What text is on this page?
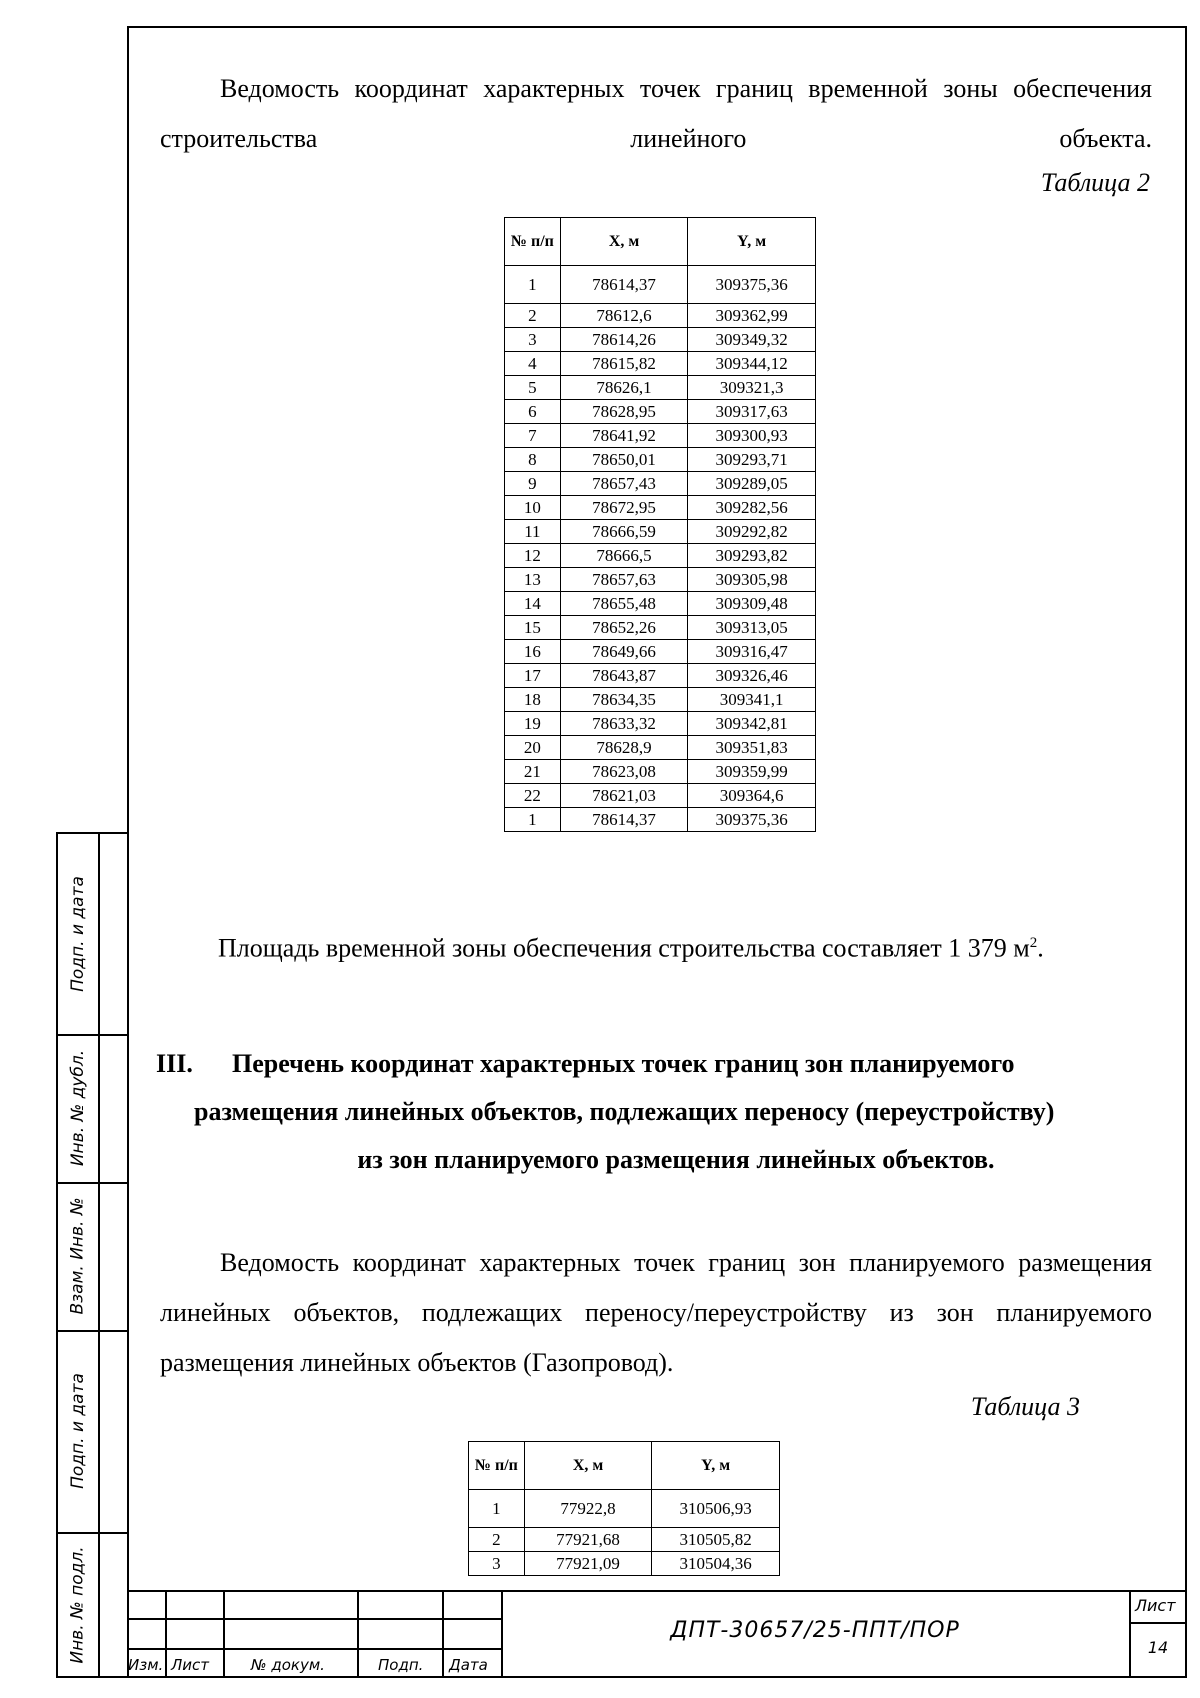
Ведомость координат характерных точек границ временной зоны обеспечения строительства линейного объекта.

Таблица 2
№ п/п	X, м	Y, м
1	78614,37	309375,36
2	78612,6	309362,99
3	78614,26	309349,32
4	78615,82	309344,12
5	78626,1	309321,3
6	78628,95	309317,63
7	78641,92	309300,93
8	78650,01	309293,71
9	78657,43	309289,05
10	78672,95	309282,56
11	78666,59	309292,82
12	78666,5	309293,82
13	78657,63	309305,98
14	78655,48	309309,48
15	78652,26	309313,05
16	78649,66	309316,47
17	78643,87	309326,46
18	78634,35	309341,1
19	78633,32	309342,81
20	78628,9	309351,83
21	78623,08	309359,99
22	78621,03	309364,6
1	78614,37	309375,36
Площадь временной зоны обеспечения строительства составляет 1 379 $м^2$.
III. Перечень координат характерных точек границ зон планируемого
размещения линейных объектов, подлежащих переносу (переустройству)
из зон планируемого размещения линейных объектов.

Ведомость координат характерных точек границ зон планируемого размещения линейных объектов, подлежащих переносу/переустройству из зон планируемого размещения линейных объектов (Газопровод).

Таблица 3
№ п/п	X, м	Y, м
1	77922,8	310506,93
2	77921,68	310505,82
3	77921,09	310504,36
Подп. и дата
Инв. № дубл.
Взам. Инв. №
Подп. и дата
Инв. № подл.
Изм. Лист	№ докум.	Подп. Дата
ДПТ-30657/25-ППТ/ПОР
Лист
14
